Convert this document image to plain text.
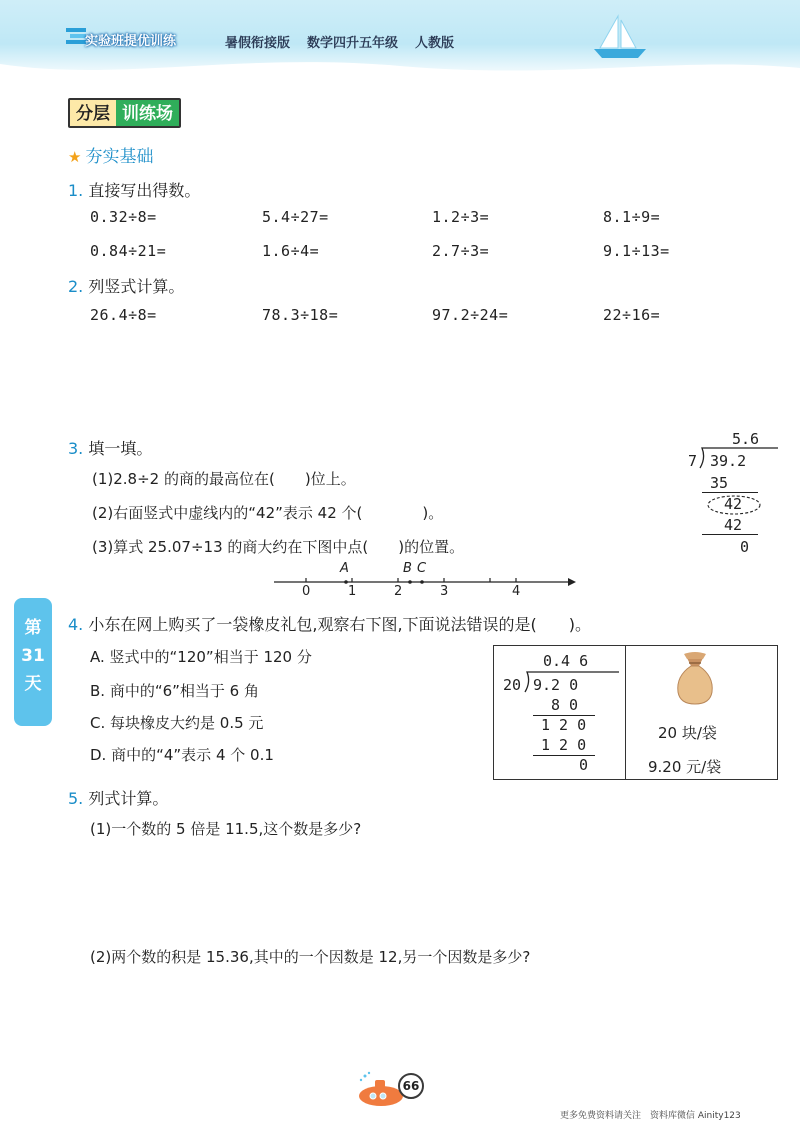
实验班提优训练	暑假衔接版 数学四升五年级 人教版
分层 训练场
★ 夯实基础
1. 直接写出得数。
0.32÷8=	5.4÷27=	1.2÷3=	8.1÷9=
0.84÷21=	1.6÷4=	2.7÷3=	9.1÷13=
2. 列竖式计算。
26.4÷8=	78.3÷18=	97.2÷24=	22÷16=
3. 填一填。
(1)2.8÷2 的商的最高位在(　　)位上。
(2)右面竖式中虚线内的“42”表示 42 个(　　　　)。
(3)算式 25.07÷13 的商大约在下图中点(　　)的位置。
5.6
7 39.2
35
42
42
0
A	B C
0	1	2	3	4
第
31
天
4. 小东在网上购买了一袋橡皮礼包,观察右下图,下面说法错误的是(　　)。
A. 竖式中的“120”相当于 120 分
B. 商中的“6”相当于 6 角
C. 每块橡皮大约是 0.5 元
D. 商中的“4”表示 4 个 0.1
0.4 6
20 9.2 0
8 0
1 2 0
1 2 0
0
20 块/袋
9.20 元/袋
5. 列式计算。
(1)一个数的 5 倍是 11.5,这个数是多少?
(2)两个数的积是 15.36,其中的一个因数是 12,另一个因数是多少?
66
更多免费资料请关注　资料库微信 Ainity123
